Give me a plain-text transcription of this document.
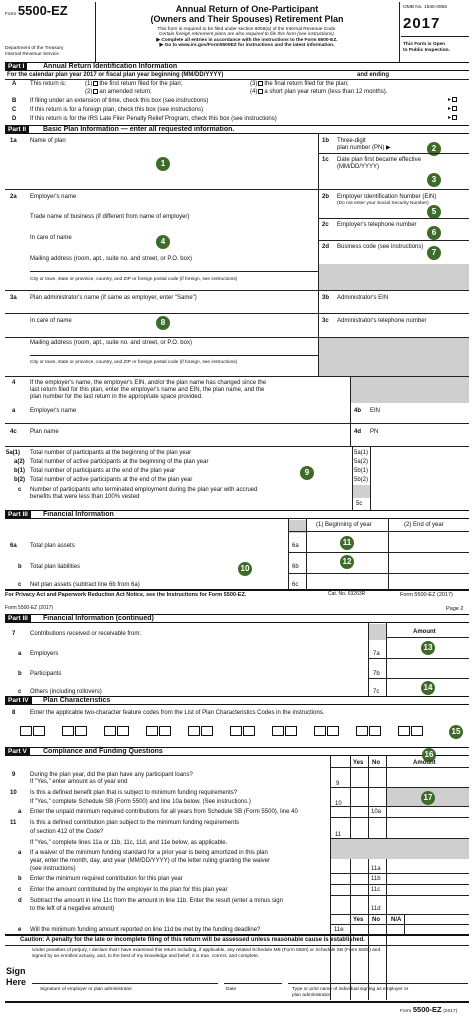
Form 5500-EZ
Department of the Treasury
Internal Revenue Service
Annual Return of One-Participant
(Owners and Their Spouses) Retirement Plan
This form is required to be filed under section 6058(a) of the Internal Revenue Code.
Certain foreign retirement plans are also required to file this form (see instructions).
▶ Complete all entries in accordance with the instructions to the Form 5500-EZ.
▶ Go to www.irs.gov/Form5500EZ for instructions and the latest information.
OMB No. 1545-0956
2017
This Form is Open
to Public Inspection.
Part I	Annual Return Identification Information
For the calendar plan year 2017 or fiscal plan year beginning (MM/DD/YYYY)	and ending
A This return is:	(1) the first return filed for the plan;
(2) an amended return;
(3) the final return filed for the plan;
(4) a short plan year return (less than 12 months).
B If filing under an extension of time, check this box (see instructions)	▸
C If this return is for a foreign plan, check this box (see instructions)	▸
D If this return is for the IRS Late Filer Penalty Relief Program, check this box (see instructions)	▸
Part II	Basic Plan Information — enter all requested information.
1a Name of plan
1
1b Three-digit
plan number (PN) ▶	2
1c Date plan first became effective
(MM/DD/YYYY)
3
2a Employer's name
Trade name of business (if different from name of employer)
In care of name	4
Mailing address (room, apt., suite no. and street, or P.O. box)
City or town, state or province, country, and ZIP or foreign postal code (if foreign, see instructions)
2b Employer Identification Number (EIN)
(Do not enter your Social Security Number)
5
2c Employer's telephone number
6
2d Business code (see instructions)
7
3a Plan administrator's name (if same as employer, enter "Same")	3b Administrator's EIN
In care of name	8	3c Administrator's telephone number
Mailing address (room, apt., suite no. and street, or P.O. box)
City or town, state or province, country, and ZIP or foreign postal code (if foreign, see instructions)
4 If the employer's name, the employer's EIN, and/or the plan name has changed since the
last return filed for this plan, enter the employer's name and EIN, the plan name, and the
plan number for the last return in the appropriate space provided.
a Employer's name	4b EIN
4c Plan name	4d PN
5a(1) Total number of participants at the beginning of the plan year	5a(1)
a(2) Total number of active participants at the beginning of the plan year	5a(2)
b(1) Total number of participants at the end of the plan year	5b(1)
9
b(2) Total number of active participants at the end of the plan year	5b(2)
c Number of participants who terminated employment during the plan year with accrued
benefits that were less than 100% vested
5c
Part III	Financial Information
(1) Beginning of year	(2) End of year
6a Total plan assets	6a	11
b Total plan liabilities	6b
12
10
c Net plan assets (subtract line 6b from 6a)	6c
For Privacy Act and Paperwork Reduction Act Notice, see the Instructions for Form 5500-EZ.	Cat. No. 63263R	Form 5500-EZ (2017)
Form 5500-EZ (2017)	Page 2
Part III	Financial Information (continued)
Amount
7 Contributions received or receivable from:
a Employers	7a
13
b Participants	7b
c Others (including rollovers)	7c	14
Part IV	Plan Characteristics
8 Enter the applicable two-character feature codes from the List of Plan Characteristics Codes in the instructions.
15
Part V	Compliance and Funding Questions	16
Yes No	Amount
9 During the plan year, did the plan have any participant loans?
If "Yes," enter amount as of year end	9
10 Is this a defined benefit plan that is subject to minimum funding requirements?
If "Yes," complete Schedule SB (Form 5500) and line 10a below. (See instructions.)	10
17
a Enter the unpaid minimum required contributions for all years from Schedule SB (Form 5500), line 40	10a
11 Is this a defined contribution plan subject to the minimum funding requirements
of section 412 of the Code?	11
If "Yes," complete lines 11a or 11b, 11c, 11d, and 11e below, as applicable.
a If a waiver of the minimum funding standard for a prior year is being amortized in this plan
year, enter the month, day, and year (MM/DD/YYYY) of the letter ruling granting the waiver
(see instructions)	11a
b Enter the minimum required contribution for this plan year	11b
c Enter the amount contributed by the employer to the plan for this plan year	11c
d Subtract the amount in line 11c from the amount in line 11b. Enter the result (enter a minus sign
to the left of a negative amount)	11d
Yes No N/A
e Will the minimum funding amount reported on line 11d be met by the funding deadline?	11e
Caution: A penalty for the late or incomplete filing of this return will be assessed unless reasonable cause is established.
Under penalties of perjury, I declare that I have examined this return including, if applicable, any related Schedule MB (Form 5500) or Schedule SB (Form 5500) and
signed by an enrolled actuary, and, to the best of my knowledge and belief, it is true, correct, and complete.
Sign
Here
Signature of employer or plan administrator	Date	Type or print name of individual signing as employer or
plan administrator
Form 5500-EZ (2017)
